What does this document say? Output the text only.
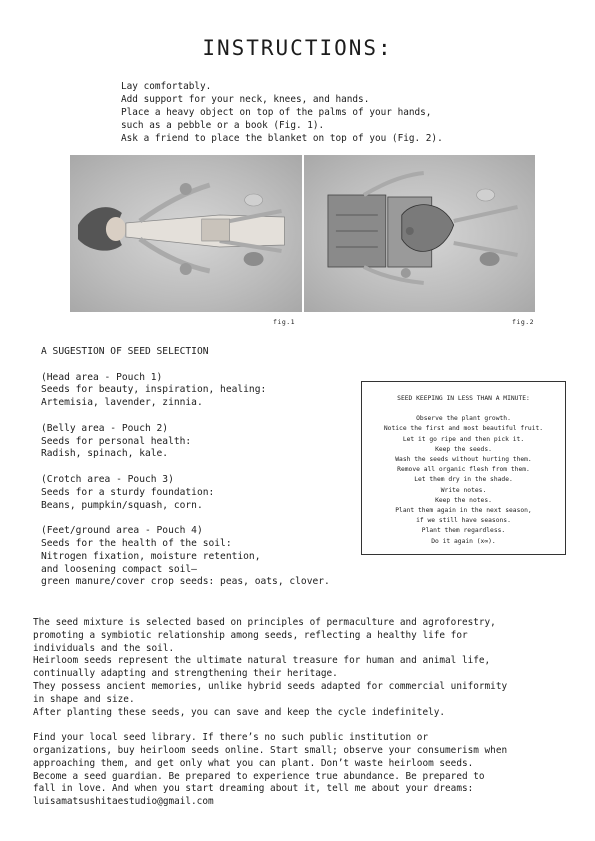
INSTRUCTIONS:
Lay comfortably.
Add support for your neck, knees, and hands.
Place a heavy object on top of the palms of your hands,
such as a pebble or a book (Fig. 1).
Ask a friend to place the blanket on top of you (Fig. 2).
fig.1	fig.2
A SUGESTION OF SEED SELECTION
(Head area - Pouch 1)
Seeds for beauty, inspiration, healing:
Artemisia, lavender, zinnia.
(Belly area - Pouch 2)
Seeds for personal health:
Radish, spinach, kale.
(Crotch area - Pouch 3)
Seeds for a sturdy foundation:
Beans, pumpkin/squash, corn.
(Feet/ground area - Pouch 4)
Seeds for the health of the soil:
Nitrogen fixation, moisture retention,
and loosening compact soil—
green manure/cover crop seeds: peas, oats, clover.
SEED KEEPING IN LESS THAN A MINUTE:
Observe the plant growth.
Notice the first and most beautiful fruit.
Let it go ripe and then pick it.
Keep the seeds.
Wash the seeds without hurting them.
Remove all organic flesh from them.
Let them dry in the shade.
Write notes.
Keep the notes.
Plant them again in the next season,
if we still have seasons.
Plant them regardless.
Do it again (x∞).
The seed mixture is selected based on principles of permaculture and agroforestry,
promoting a symbiotic relationship among seeds, reflecting a healthy life for
individuals and the soil.
Heirloom seeds represent the ultimate natural treasure for human and animal life,
continually adapting and strengthening their heritage.
They possess ancient memories, unlike hybrid seeds adapted for commercial uniformity
in shape and size.
After planting these seeds, you can save and keep the cycle indefinitely.
Find your local seed library. If there’s no such public institution or
organizations, buy heirloom seeds online. Start small; observe your consumerism when
approaching them, and get only what you can plant. Don’t waste heirloom seeds.
Become a seed guardian. Be prepared to experience true abundance. Be prepared to
fall in love. And when you start dreaming about it, tell me about your dreams:
luisamatsushitaestudio@gmail.com
